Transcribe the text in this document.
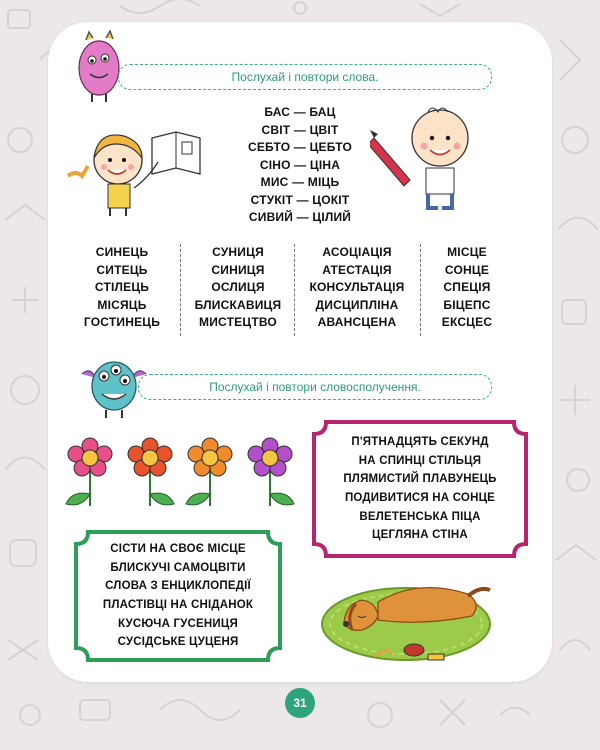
Послухай і повтори слова.
БАС — БАЦ
СВІТ — ЦВІТ
СЕБТО — ЦЕБТО
СІНО — ЦІНА
МИС — МІЦЬ
СТУКІТ — ЦОКІТ
СИВИЙ — ЦІЛИЙ
СИНЕЦЬ
СИТЕЦЬ
СТІЛЕЦЬ
МІСЯЦЬ
ГОСТИНЕЦЬ
СУНИЦЯ
СИНИЦЯ
ОСЛИЦЯ
БЛИСКАВИЦЯ
МИСТЕЦТВО
АСОЦІАЦІЯ
АТЕСТАЦІЯ
КОНСУЛЬТАЦІЯ
ДИСЦИПЛІНА
АВАНСЦЕНА
МІСЦЕ
СОНЦЕ
СПЕЦІЯ
БІЦЕПС
ЕКСЦЕС
Послухай і повтори словосполучення.
П'ЯТНАДЦЯТЬ СЕКУНД
НА СПИНЦІ СТІЛЬЦЯ
ПЛЯМИСТИЙ ПЛАВУНЕЦЬ
ПОДИВИТИСЯ НА СОНЦЕ
ВЕЛЕТЕНСЬКА ПІЦА
ЦЕГЛЯНА СТІНА
СІСТИ НА СВОЄ МІСЦЕ
БЛИСКУЧІ САМОЦВІТИ
СЛОВА З ЕНЦИКЛОПЕДІЇ
ПЛАСТІВЦІ НА СНІДАНОК
КУСЮЧА ГУСЕНИЦЯ
СУСІДСЬКЕ ЦУЦЕНЯ
31
